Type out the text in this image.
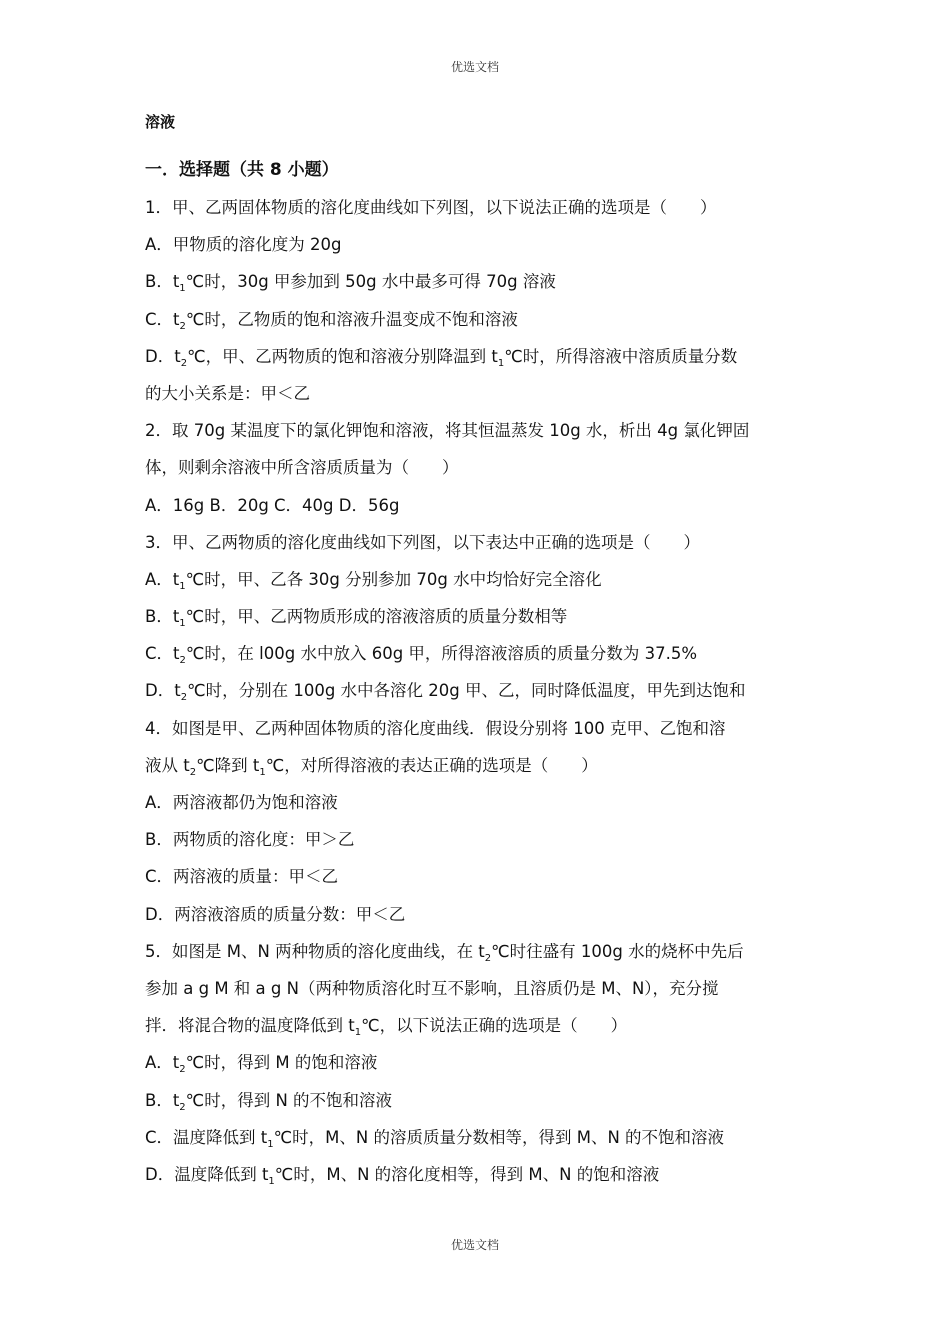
优选文档
溶液
一．选择题（共 8 小题）
1．甲、乙两固体物质的溶化度曲线如下列图，以下说法正确的选项是（　　）
A．甲物质的溶化度为 20g
B．$t_1℃$时，30g 甲参加到 50g 水中最多可得 70g 溶液
C．$t_2℃$时，乙物质的饱和溶液升温变成不饱和溶液
D．$t_2℃$，甲、乙两物质的饱和溶液分别降温到 $t_1℃$时，所得溶液中溶质质量分数
的大小关系是：甲＜乙
2．取 70g 某温度下的氯化钾饱和溶液，将其恒温蒸发 10g 水，析出 4g 氯化钾固
体，则剩余溶液中所含溶质质量为（　　）
A．16g B．20g C．40g D．56g
3．甲、乙两物质的溶化度曲线如下列图，以下表达中正确的选项是（　　）
A．$t_1℃$时，甲、乙各 30g 分别参加 70g 水中均恰好完全溶化
B．$t_1℃$时，甲、乙两物质形成的溶液溶质的质量分数相等
C．$t_2℃$时，在 l00g 水中放入 60g 甲，所得溶液溶质的质量分数为 37.5%
D．$t_2℃$时，分别在 100g 水中各溶化 20g 甲、乙，同时降低温度，甲先到达饱和
4．如图是甲、乙两种固体物质的溶化度曲线．假设分别将 100 克甲、乙饱和溶
液从 $t_2℃$降到 $t_1℃$，对所得溶液的表达正确的选项是（　　）
A．两溶液都仍为饱和溶液
B．两物质的溶化度：甲＞乙
C．两溶液的质量：甲＜乙
D．两溶液溶质的质量分数：甲＜乙
5．如图是 M、N 两种物质的溶化度曲线，在 $t_2℃$时往盛有 100g 水的烧杯中先后
参加 a g M 和 a g N（两种物质溶化时互不影响，且溶质仍是 M、N），充分搅
拌．将混合物的温度降低到 $t_1℃$，以下说法正确的选项是（　　）
A．$t_2℃$时，得到 M 的饱和溶液
B．$t_2℃$时，得到 N 的不饱和溶液
C．温度降低到 $t_1℃$时，M、N 的溶质质量分数相等，得到 M、N 的不饱和溶液
D．温度降低到 $t_1℃$时，M、N 的溶化度相等，得到 M、N 的饱和溶液
优选文档
